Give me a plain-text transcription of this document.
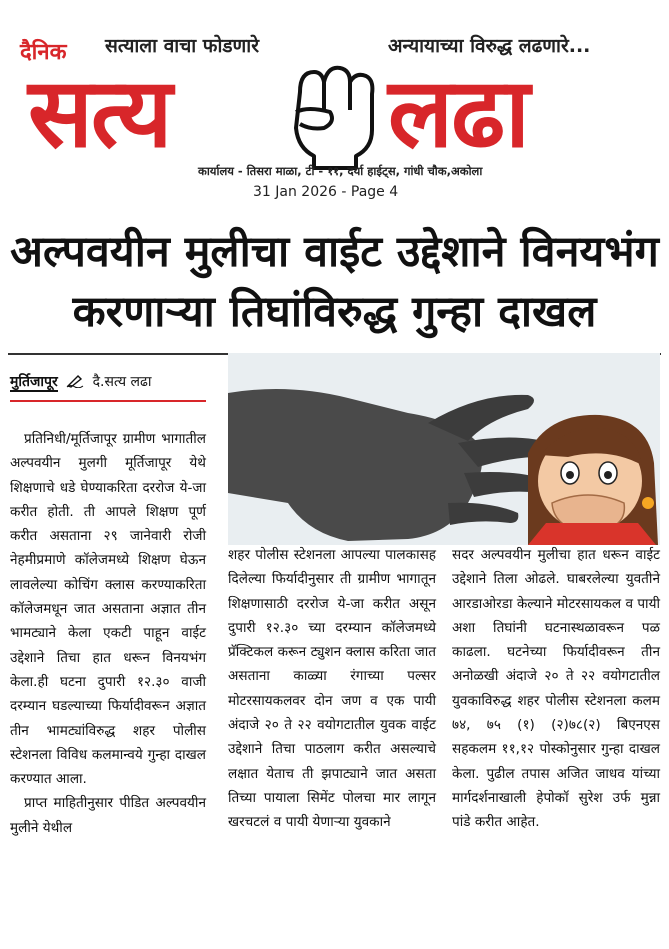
दैनिक सत्याला वाचा फोडणारे	अन्यायाच्या विरुद्ध लढणारे...
सत्य लढा
कार्यालय - तिसरा माळा, टी - ११, दर्या हाईट्स, गांधी चौक,अकोला
31 Jan 2026 - Page 4
अल्पवयीन मुलीचा वाईट उद्देशाने विनयभंग
करणाऱ्या तिघांविरुद्ध गुन्हा दाखल
मुर्तिजापूर दै.सत्य लढा

प्रतिनिधी/मूर्तिजापूर ग्रामीण भागातील अल्पवयीन मुलगी मूर्तिजापूर येथे शिक्षणाचे धडे घेण्याकरिता दररोज ये-जा करीत होती. ती आपले शिक्षण पूर्ण करीत असताना २९ जानेवारी रोजी नेहमीप्रमाणे कॉलेजमध्ये शिक्षण घेऊन लावलेल्या कोचिंग क्लास करण्याकरिता कॉलेजमधून जात असताना अज्ञात तीन भामट्याने केला एकटी पाहून वाईट उद्देशाने तिचा हात धरून विनयभंग केला.ही घटना दुपारी १२.३० वाजी दरम्यान घडल्याच्या फिर्यादीवरून अज्ञात तीन भामट्यांविरुद्ध शहर पोलीस स्टेशनला विविध कलमान्वये गुन्हा दाखल करण्यात आला.

प्राप्त माहितीनुसार पीडित अल्पवयीन मुलीने येथील

शहर पोलीस स्टेशनला आपल्या पालकासह दिलेल्या फिर्यादीनुसार ती ग्रामीण भागातून शिक्षणासाठी दररोज ये-जा करीत असून दुपारी १२.३० च्या दरम्यान कॉलेजमध्ये प्रॅक्टिकल करून ट्युशन क्लास करिता जात असताना काळ्या रंगाच्या पल्सर मोटरसायकलवर दोन जण व एक पायी अंदाजे २० ते २२ वयोगटातील युवक वाईट उद्देशाने तिचा पाठलाग करीत असल्याचे लक्षात येताच ती झपाट्याने जात असता तिच्या पायाला सिमेंट पोलचा मार लागून खरचटलं व पायी येणाऱ्या युवकाने

सदर अल्पवयीन मुलीचा हात धरून वाईट उद्देशाने तिला ओढले. घाबरलेल्या युवतीने आरडाओरडा केल्याने मोटरसायकल व पायी अशा तिघांनी घटनास्थळावरून पळ काढला. घटनेच्या फिर्यादीवरून तीन अनोळखी अंदाजे २० ते २२ वयोगटातील युवकाविरुद्ध शहर पोलीस स्टेशनला कलम ७४, ७५ (१) (२)७८(२) बिएनएस सहकलम ११,१२ पोस्कोनुसार गुन्हा दाखल केला. पुढील तपास अजित जाधव यांच्या मार्गदर्शनाखाली हेपोकॉ सुरेश उर्फ मुन्ना पांडे करीत आहेत.
